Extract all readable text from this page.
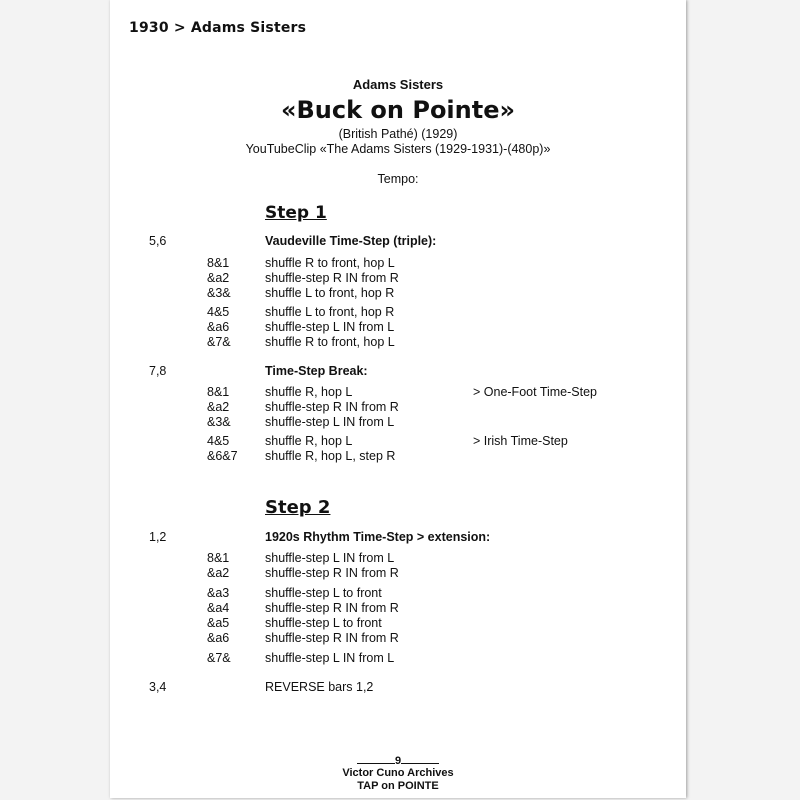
1930 > Adams Sisters
Adams Sisters
«Buck on Pointe»
(British Pathé) (1929)
YouTubeClip «The Adams Sisters (1929-1931)-(480p)»
Tempo:
Step 1
5,6	Vaudeville Time-Step (triple):
8&1	shuffle R to front, hop L
&a2	shuffle-step R IN from R
&3&	shuffle L to front, hop R
4&5	shuffle L to front, hop R
&a6	shuffle-step L IN from L
&7&	shuffle R to front, hop L
7,8	Time-Step Break:
8&1	shuffle R, hop L	> One-Foot Time-Step
&a2	shuffle-step R IN from R
&3&	shuffle-step L IN from L
4&5	shuffle R, hop L	> Irish Time-Step
&6&7 shuffle R, hop L, step R
Step 2
1,2	1920s Rhythm Time-Step > extension:
8&1	shuffle-step L IN from L
&a2	shuffle-step R IN from R
&a3	shuffle-step L to front
&a4	shuffle-step R IN from R
&a5	shuffle-step L to front
&a6	shuffle-step R IN from R
&7&	shuffle-step L IN from L
3,4	REVERSE bars 1,2
9
Victor Cuno Archives
TAP on POINTE
